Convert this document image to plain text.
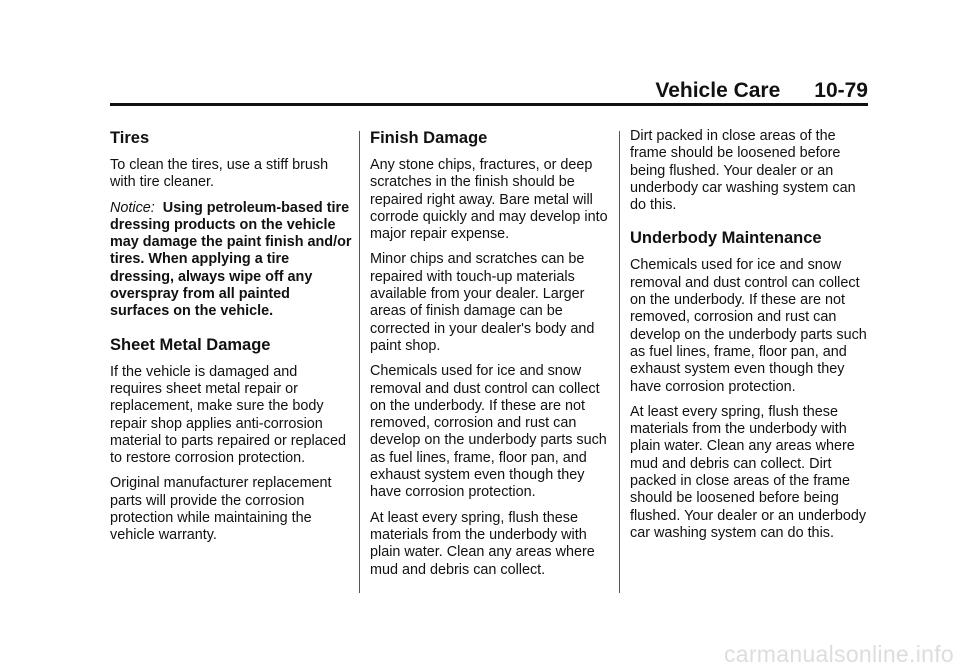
Vehicle Care 10-79
Tires

To clean the tires, use a stiff brush with tire cleaner.

Notice: Using petroleum-based tire dressing products on the vehicle may damage the paint finish and/or tires. When applying a tire dressing, always wipe off any overspray from all painted surfaces on the vehicle.

Sheet Metal Damage

If the vehicle is damaged and requires sheet metal repair or replacement, make sure the body repair shop applies anti-corrosion material to parts repaired or replaced to restore corrosion protection.

Original manufacturer replacement parts will provide the corrosion protection while maintaining the vehicle warranty.

Finish Damage

Any stone chips, fractures, or deep scratches in the finish should be repaired right away. Bare metal will corrode quickly and may develop into major repair expense.

Minor chips and scratches can be repaired with touch-up materials available from your dealer. Larger areas of finish damage can be corrected in your dealer's body and paint shop.

Chemicals used for ice and snow removal and dust control can collect on the underbody. If these are not removed, corrosion and rust can develop on the underbody parts such as fuel lines, frame, floor pan, and exhaust system even though they have corrosion protection.

At least every spring, flush these materials from the underbody with plain water. Clean any areas where mud and debris can collect.

Dirt packed in close areas of the frame should be loosened before being flushed. Your dealer or an underbody car washing system can do this.

Underbody Maintenance

Chemicals used for ice and snow removal and dust control can collect on the underbody. If these are not removed, corrosion and rust can develop on the underbody parts such as fuel lines, frame, floor pan, and exhaust system even though they have corrosion protection.

At least every spring, flush these materials from the underbody with plain water. Clean any areas where mud and debris can collect. Dirt packed in close areas of the frame should be loosened before being flushed. Your dealer or an underbody car washing system can do this.

carmanualsonline.info
